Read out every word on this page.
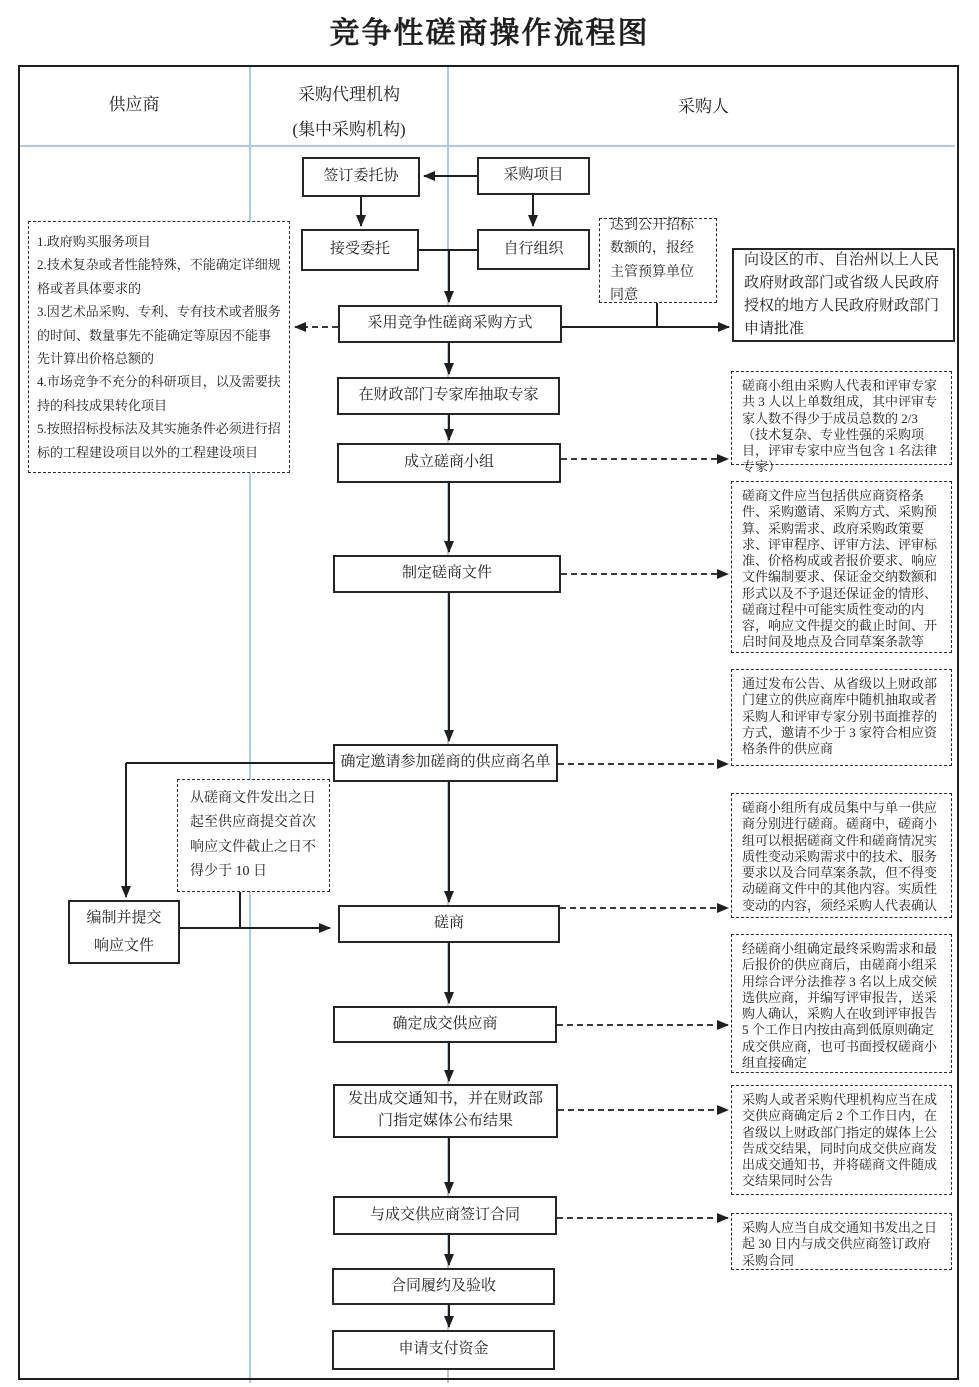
竞争性磋商操作流程图
供应商
采购代理机构
(集中采购机构)
采购人
签订委托协	采购项目
接受委托	自行组织
采用竞争性磋商采购方式
向设区的市、自治州以上人民政府财政部门或省级人民政府授权的地方人民政府财政部门申请批准
在财政部门专家库抽取专家
成立磋商小组
制定磋商文件
确定邀请参加磋商的供应商名单
编制并提交响应文件
磋商
确定成交供应商
发出成交通知书，并在财政部门指定媒体公布结果
与成交供应商签订合同
合同履约及验收
申请支付资金
达到公开招标数额的，报经主管预算单位同意
1.政府购买服务项目
2.技术复杂或者性能特殊，不能确定详细规格或者具体要求的
3.因艺术品采购、专利、专有技术或者服务的时间、数量事先不能确定等原因不能事先计算出价格总额的
4.市场竞争不充分的科研项目，以及需要扶持的科技成果转化项目
5.按照招标投标法及其实施条件必须进行招标的工程建设项目以外的工程建设项目
从磋商文件发出之日起至供应商提交首次响应文件截止之日不得少于 10 日
磋商小组由采购人代表和评审专家共 3 人以上单数组成，其中评审专家人数不得少于成员总数的 2/3（技术复杂、专业性强的采购项目，评审专家中应当包含 1 名法律专家）
磋商文件应当包括供应商资格条件、采购邀请、采购方式、采购预算、采购需求、政府采购政策要求、评审程序、评审方法、评审标准、价格构成或者报价要求、响应文件编制要求、保证金交纳数额和形式以及不予退还保证金的情形、磋商过程中可能实质性变动的内容，响应文件提交的截止时间、开启时间及地点及合同草案条款等
通过发布公告、从省级以上财政部门建立的供应商库中随机抽取或者采购人和评审专家分别书面推荐的方式，邀请不少于 3 家符合相应资格条件的供应商
磋商小组所有成员集中与单一供应商分别进行磋商。磋商中，磋商小组可以根据磋商文件和磋商情况实质性变动采购需求中的技术、服务要求以及合同草案条款，但不得变动磋商文件中的其他内容。实质性变动的内容，须经采购人代表确认
经磋商小组确定最终采购需求和最后报价的供应商后，由磋商小组采用综合评分法推荐 3 名以上成交候选供应商，并编写评审报告，送采购人确认，采购人在收到评审报告 5 个工作日内按由高到低原则确定成交供应商，也可书面授权磋商小组直接确定
采购人或者采购代理机构应当在成交供应商确定后 2 个工作日内，在省级以上财政部门指定的媒体上公告成交结果，同时向成交供应商发出成交通知书，并将磋商文件随成交结果同时公告
采购人应当自成交通知书发出之日起 30 日内与成交供应商签订政府采购合同
